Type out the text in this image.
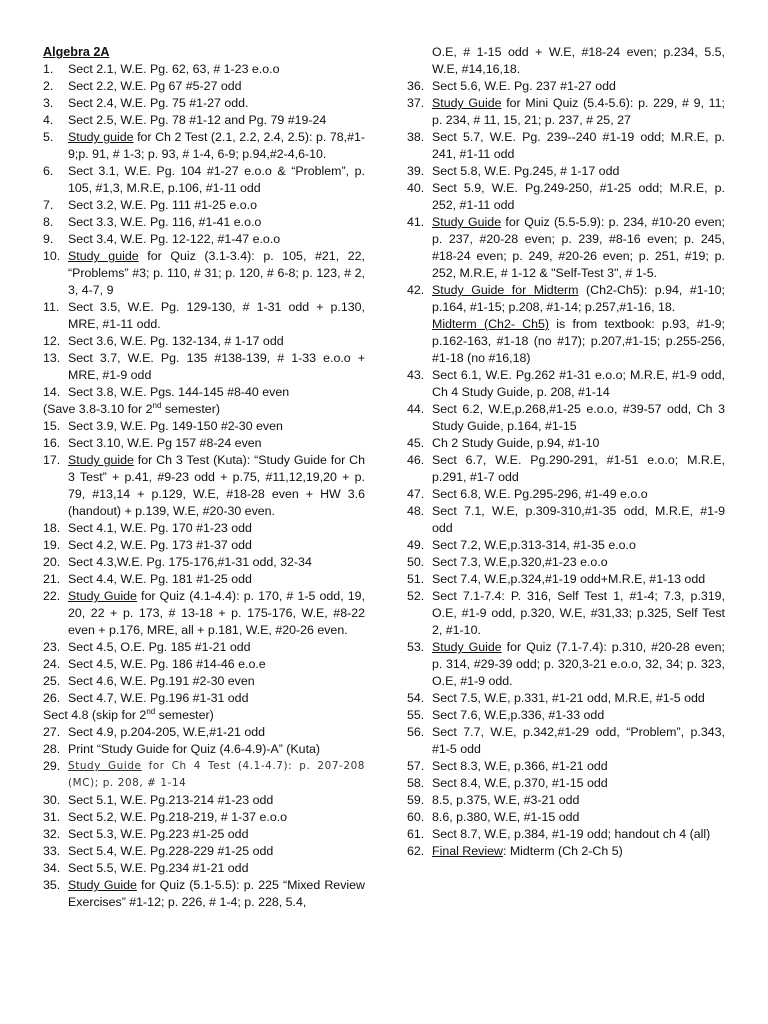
Algebra 2A

1.	Sect 2.1, W.E. Pg. 62, 63, # 1-23 e.o.o
2.	Sect 2.2, W.E. Pg 67 #5-27 odd
3.	Sect 2.4, W.E. Pg. 75 #1-27 odd.
4.	Sect 2.5, W.E. Pg. 78 #1-12 and Pg. 79 #19-24
5.	Study guide for Ch 2 Test (2.1, 2.2, 2.4, 2.5): p. 78,#1-9;p. 91, # 1-3; p. 93, # 1-4, 6-9; p.94,#2-4,6-10.
6.	Sect 3.1, W.E. Pg. 104 #1-27 e.o.o & “Problem”, p. 105, #1,3, M.R.E, p.106, #1-11 odd
7.	Sect 3.2, W.E. Pg. 111 #1-25 e.o.o
8.	Sect 3.3, W.E. Pg. 116, #1-41 e.o.o
9.	Sect 3.4, W.E. Pg. 12-122, #1-47 e.o.o
10. Study guide for Quiz (3.1-3.4): p. 105, #21, 22, “Problems” #3; p. 110, # 31; p. 120, # 6-8; p. 123, # 2, 3, 4-7, 9
11. Sect 3.5, W.E. Pg. 129-130, # 1-31 odd + p.130, MRE, #1-11 odd.
12. Sect 3.6, W.E. Pg. 132-134, # 1-17 odd
13. Sect 3.7, W.E. Pg. 135 #138-139, # 1-33 e.o.o + MRE, #1-9 odd
14. Sect 3.8, W.E. Pgs. 144-145 #8-40 even
(Save 3.8-3.10 for 2nd semester)
15. Sect 3.9, W.E. Pg. 149-150 #2-30 even
16. Sect 3.10, W.E. Pg 157 #8-24 even
17. Study guide for Ch 3 Test (Kuta): “Study Guide for Ch 3 Test” + p.41, #9-23 odd + p.75, #11,12,19,20 + p. 79, #13,14 + p.129, W.E, #18-28 even + HW 3.6 (handout) + p.139, W.E, #20-30 even.
18. Sect 4.1, W.E. Pg. 170 #1-23 odd
19. Sect 4.2, W.E. Pg. 173 #1-37 odd
20. Sect 4.3,W.E. Pg. 175-176,#1-31 odd, 32-34
21. Sect 4.4, W.E. Pg. 181 #1-25 odd
22. Study Guide for Quiz (4.1-4.4): p. 170, # 1-5 odd, 19, 20, 22 + p. 173, # 13-18 + p. 175-176, W.E, #8-22 even + p.176, MRE, all + p.181, W.E, #20-26 even.
23. Sect 4.5, O.E. Pg. 185 #1-21 odd
24. Sect 4.5, W.E. Pg. 186 #14-46 e.o.e
25. Sect 4.6, W.E. Pg.191 #2-30 even
26. Sect 4.7, W.E. Pg.196 #1-31 odd
Sect 4.8 (skip for 2nd semester)
27. Sect 4.9, p.204-205, W.E,#1-21 odd
28. Print “Study Guide for Quiz (4.6-4.9)-A” (Kuta)
29. Study Guide for Ch 4 Test (4.1-4.7): p. 207-208 (MC); p. 208, # 1-14
30. Sect 5.1, W.E. Pg.213-214 #1-23 odd
31. Sect 5.2, W.E. Pg.218-219, # 1-37 e.o.o
32. Sect 5.3, W.E. Pg.223 #1-25 odd
33. Sect 5.4, W.E. Pg.228-229 #1-25 odd
34. Sect 5.5, W.E. Pg.234 #1-21 odd
35. Study Guide for Quiz (5.1-5.5): p. 225 “Mixed Review Exercises” #1-12; p. 226, # 1-4; p. 228, 5.4,
O.E, # 1-15 odd + W.E, #18-24 even; p.234, 5.5, W.E, #14,16,18.
36. Sect 5.6, W.E. Pg. 237 #1-27 odd
37. Study Guide for Mini Quiz (5.4-5.6): p. 229, # 9, 11; p. 234, # 11, 15, 21; p. 237, # 25, 27
38. Sect 5.7, W.E. Pg. 239--240 #1-19 odd; M.R.E, p. 241, #1-11 odd
39. Sect 5.8, W.E. Pg.245, # 1-17 odd
40. Sect 5.9, W.E. Pg.249-250, #1-25 odd; M.R.E, p. 252, #1-11 odd
41. Study Guide for Quiz (5.5-5.9): p. 234, #10-20 even; p. 237, #20-28 even; p. 239, #8-16 even; p. 245, #18-24 even; p. 249, #20-26 even; p. 251, #19; p. 252, M.R.E, # 1-12 & "Self-Test 3", # 1-5.
42. Study Guide for Midterm (Ch2-Ch5): p.94, #1-10; p.164, #1-15; p.208, #1-14; p.257,#1-16, 18.
Midterm (Ch2- Ch5) is from textbook: p.93, #1-9; p.162-163, #1-18 (no #17); p.207,#1-15; p.255-256, #1-18 (no #16,18)
43. Sect 6.1, W.E. Pg.262 #1-31 e.o.o; M.R.E, #1-9 odd, Ch 4 Study Guide, p. 208, #1-14
44. Sect 6.2, W.E,p.268,#1-25 e.o.o, #39-57 odd, Ch 3 Study Guide, p.164, #1-15
45. Ch 2 Study Guide, p.94, #1-10
46. Sect 6.7, W.E. Pg.290-291, #1-51 e.o.o; M.R.E, p.291, #1-7 odd
47. Sect 6.8, W.E. Pg.295-296, #1-49 e.o.o
48. Sect 7.1, W.E, p.309-310,#1-35 odd, M.R.E, #1-9 odd
49. Sect 7.2, W.E,p.313-314, #1-35 e.o.o
50. Sect 7.3, W.E,p.320,#1-23 e.o.o
51. Sect 7.4, W.E,p.324,#1-19 odd+M.R.E, #1-13 odd
52. Sect 7.1-7.4: P. 316, Self Test 1, #1-4; 7.3, p.319, O.E, #1-9 odd, p.320, W.E, #31,33; p.325, Self Test 2, #1-10.
53. Study Guide for Quiz (7.1-7.4): p.310, #20-28 even; p. 314, #29-39 odd; p. 320,3-21 e.o.o, 32, 34; p. 323, O.E, #1-9 odd.
54. Sect 7.5, W.E, p.331, #1-21 odd, M.R.E, #1-5 odd
55. Sect 7.6, W.E,p.336, #1-33 odd
56. Sect 7.7, W.E, p.342,#1-29 odd, “Problem”, p.343, #1-5 odd
57. Sect 8.3, W.E, p.366, #1-21 odd
58. Sect 8.4, W.E, p.370, #1-15 odd
59. 8.5, p.375, W.E, #3-21 odd
60. 8.6, p.380, W.E, #1-15 odd
61. Sect 8.7, W.E, p.384, #1-19 odd; handout ch 4 (all)
62. Final Review: Midterm (Ch 2-Ch 5)
